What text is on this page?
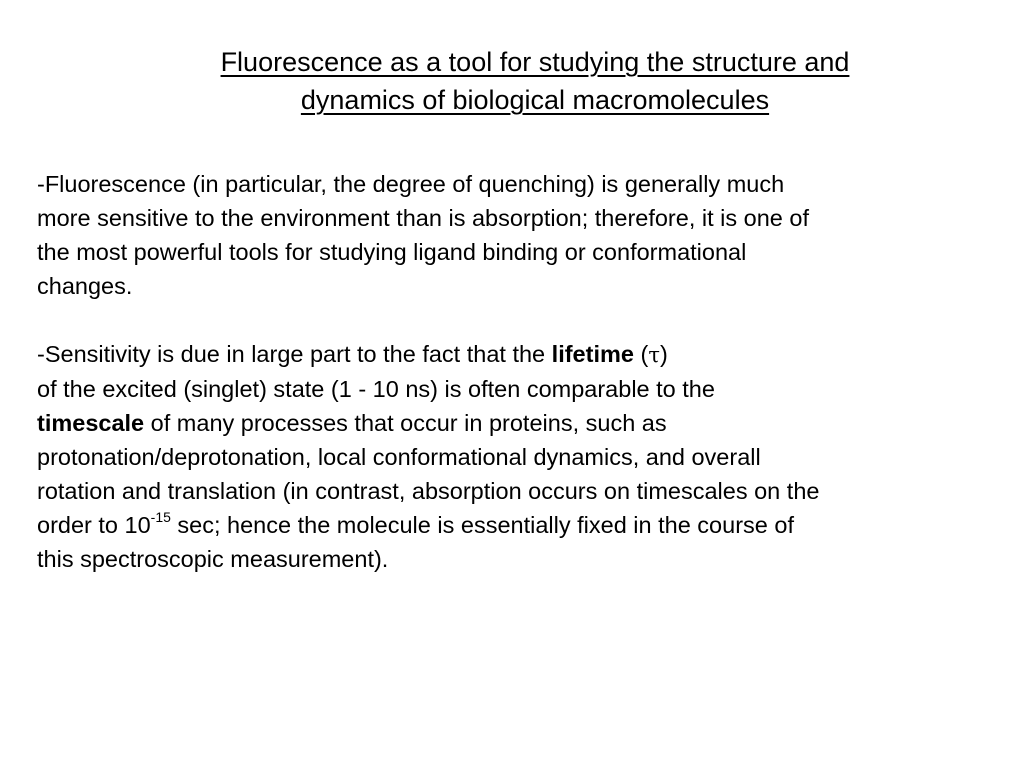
Fluorescence as a tool for studying the structure and
dynamics of biological macromolecules

-Fluorescence (in particular, the degree of quenching) is generally much
more sensitive to the environment than is absorption; therefore, it is one of
the most powerful tools for studying ligand binding or conformational
changes.

-Sensitivity is due in large part to the fact that the lifetime (τ)
of the excited (singlet) state (1 - 10 ns) is often comparable to the
timescale of many processes that occur in proteins, such as
protonation/deprotonation, local conformational dynamics, and overall
rotation and translation (in contrast, absorption occurs on timescales on the
order to $10^{-15}$ sec; hence the molecule is essentially fixed in the course of
this spectroscopic measurement).
